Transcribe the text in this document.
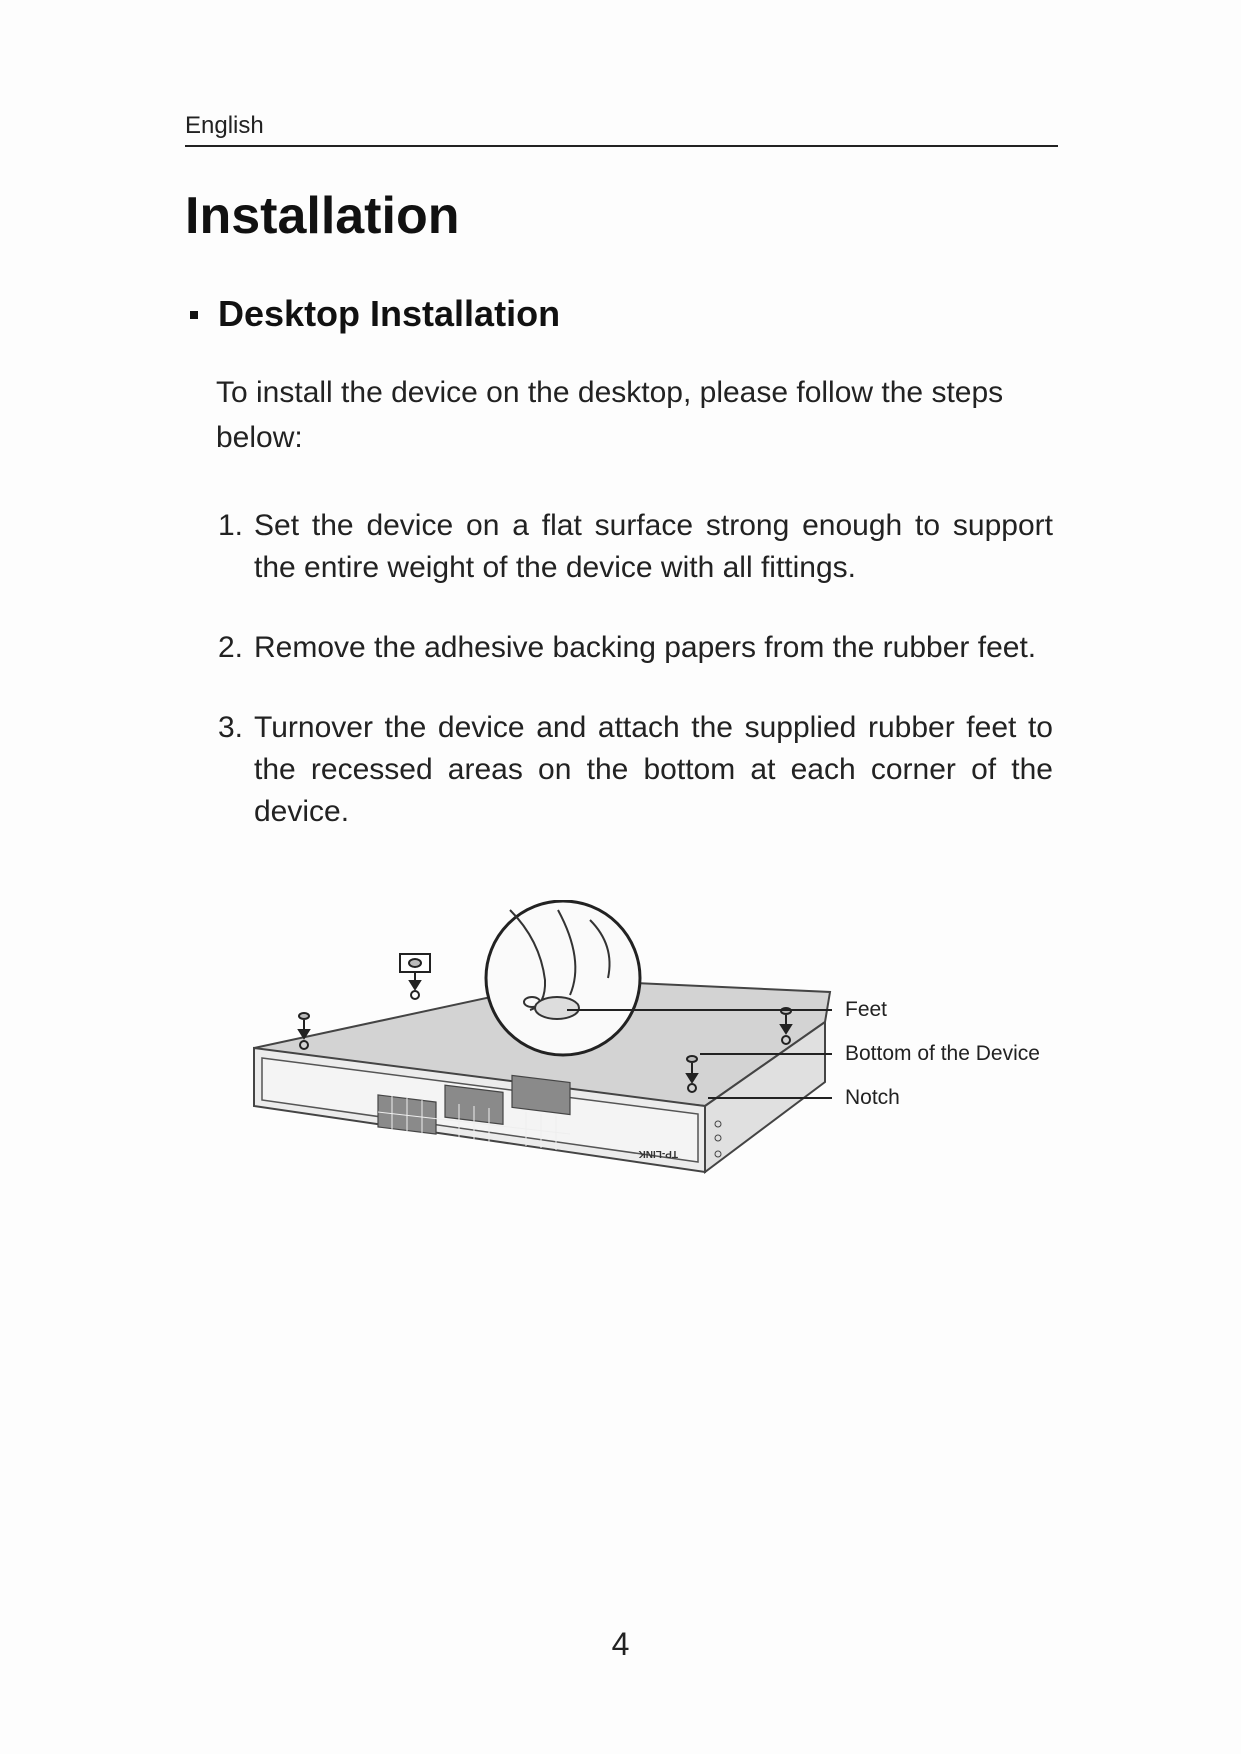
English
Installation
Desktop Installation

To install the device on the desktop, please follow the steps below:

1. Set the device on a flat surface strong enough to support the entire weight of the device with all fittings.
2. Remove the adhesive backing papers from the rubber feet.
3. Turnover the device and attach the supplied rubber feet to the recessed areas on the bottom at each corner of the device.
TP-LINK
Feet
Bottom of the Device
Notch
4
